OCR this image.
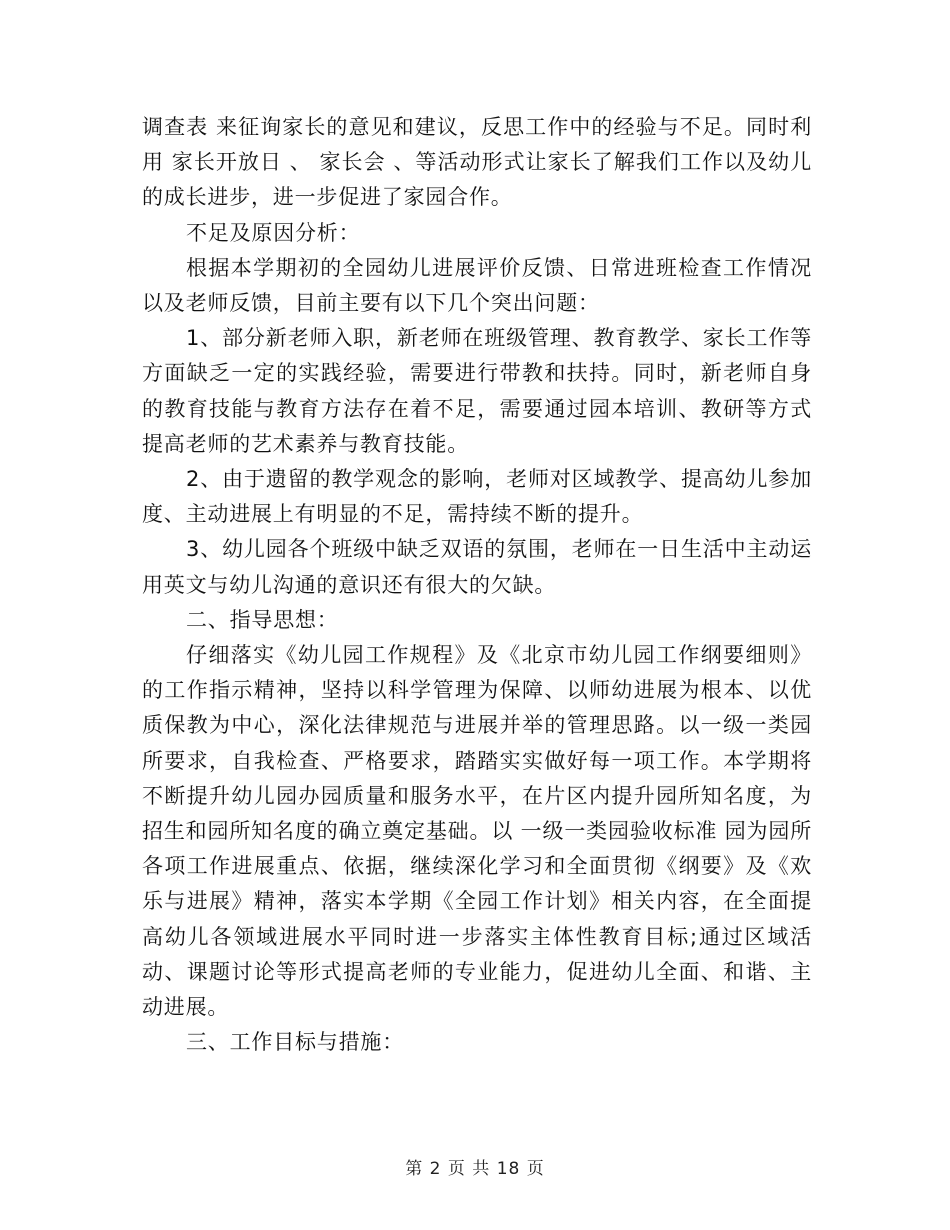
调查表 来征询家长的意见和建议，反思工作中的经验与不足。同时利用 家长开放日 、 家长会 、等活动形式让家长了解我们工作以及幼儿的成长进步，进一步促进了家园合作。

不足及原因分析：

根据本学期初的全园幼儿进展评价反馈、日常进班检查工作情况以及老师反馈，目前主要有以下几个突出问题：

1、部分新老师入职，新老师在班级管理、教育教学、家长工作等方面缺乏一定的实践经验，需要进行带教和扶持。同时，新老师自身的教育技能与教育方法存在着不足，需要通过园本培训、教研等方式提高老师的艺术素养与教育技能。

2、由于遗留的教学观念的影响，老师对区域教学、提高幼儿参加度、主动进展上有明显的不足，需持续不断的提升。

3、幼儿园各个班级中缺乏双语的氛围，老师在一日生活中主动运用英文与幼儿沟通的意识还有很大的欠缺。

二、指导思想：

仔细落实《幼儿园工作规程》及《北京市幼儿园工作纲要细则》的工作指示精神，坚持以科学管理为保障、以师幼进展为根本、以优质保教为中心，深化法律规范与进展并举的管理思路。以一级一类园所要求，自我检查、严格要求，踏踏实实做好每一项工作。本学期将不断提升幼儿园办园质量和服务水平，在片区内提升园所知名度，为招生和园所知名度的确立奠定基础。以 一级一类园验收标准 园为园所各项工作进展重点、依据，继续深化学习和全面贯彻《纲要》及《欢乐与进展》精神，落实本学期《全园工作计划》相关内容，在全面提高幼儿各领域进展水平同时进一步落实主体性教育目标;通过区域活动、课题讨论等形式提高老师的专业能力，促进幼儿全面、和谐、主动进展。

三、工作目标与措施：

第 2 页 共 18 页
